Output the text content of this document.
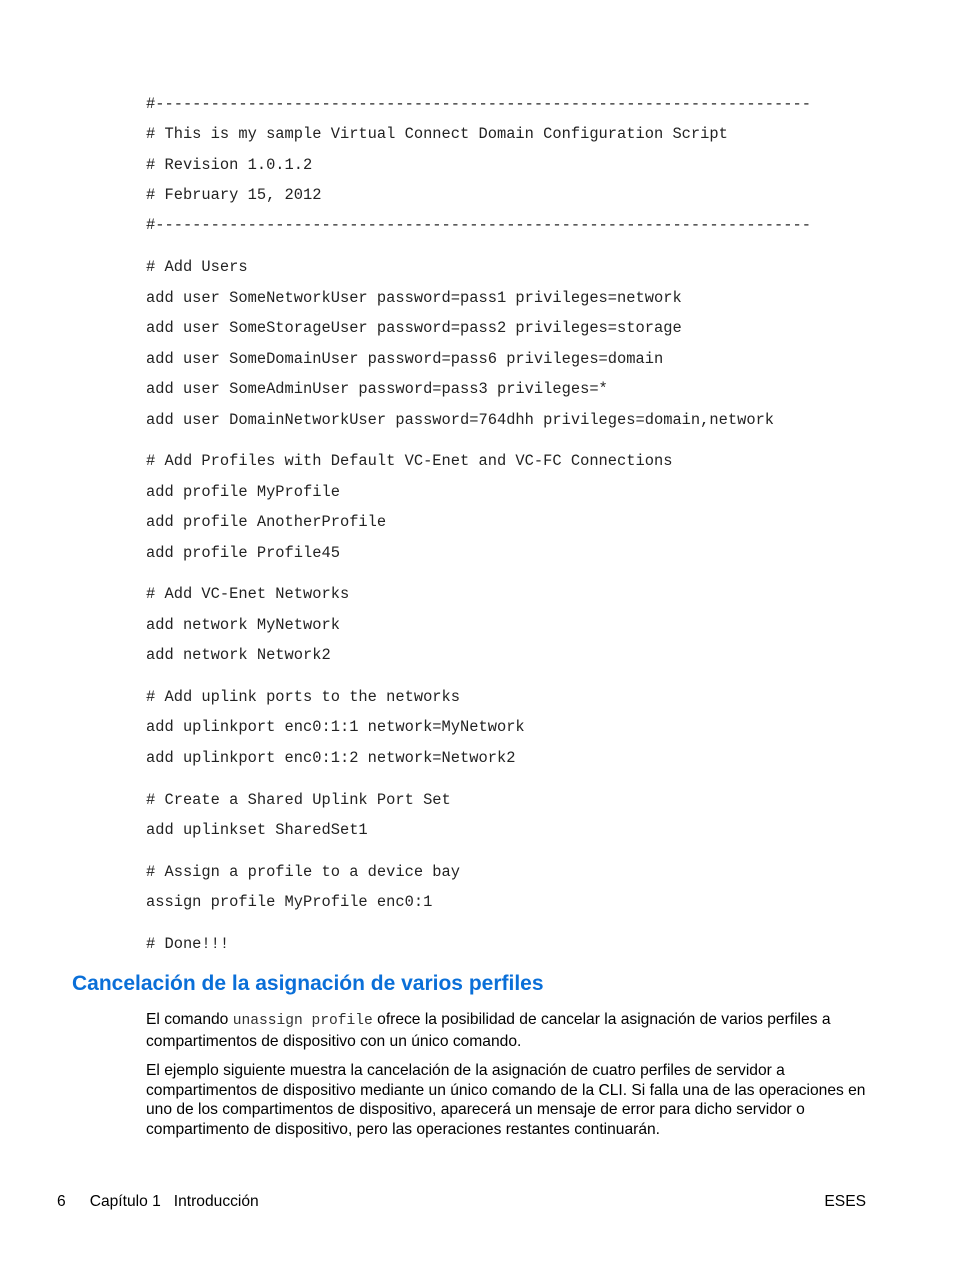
#-----------------------------------------------------------------------
# This is my sample Virtual Connect Domain Configuration Script
# Revision 1.0.1.2
# February 15, 2012
#-----------------------------------------------------------------------
# Add Users
add user SomeNetworkUser password=pass1 privileges=network
add user SomeStorageUser password=pass2 privileges=storage
add user SomeDomainUser password=pass6 privileges=domain
add user SomeAdminUser password=pass3 privileges=*
add user DomainNetworkUser password=764dhh privileges=domain,network
# Add Profiles with Default VC-Enet and VC-FC Connections
add profile MyProfile
add profile AnotherProfile
add profile Profile45
# Add VC-Enet Networks
add network MyNetwork
add network Network2
# Add uplink ports to the networks
add uplinkport enc0:1:1 network=MyNetwork
add uplinkport enc0:1:2 network=Network2
# Create a Shared Uplink Port Set
add uplinkset SharedSet1
# Assign a profile to a device bay
assign profile MyProfile enc0:1
# Done!!!
Cancelación de la asignación de varios perfiles

El comando unassign profile ofrece la posibilidad de cancelar la asignación de varios perfiles a compartimentos de dispositivo con un único comando.

El ejemplo siguiente muestra la cancelación de la asignación de cuatro perfiles de servidor a compartimentos de dispositivo mediante un único comando de la CLI. Si falla una de las operaciones en uno de los compartimentos de dispositivo, aparecerá un mensaje de error para dicho servidor o compartimento de dispositivo, pero las operaciones restantes continuarán.

6 Capítulo 1   Introducción	ESES
